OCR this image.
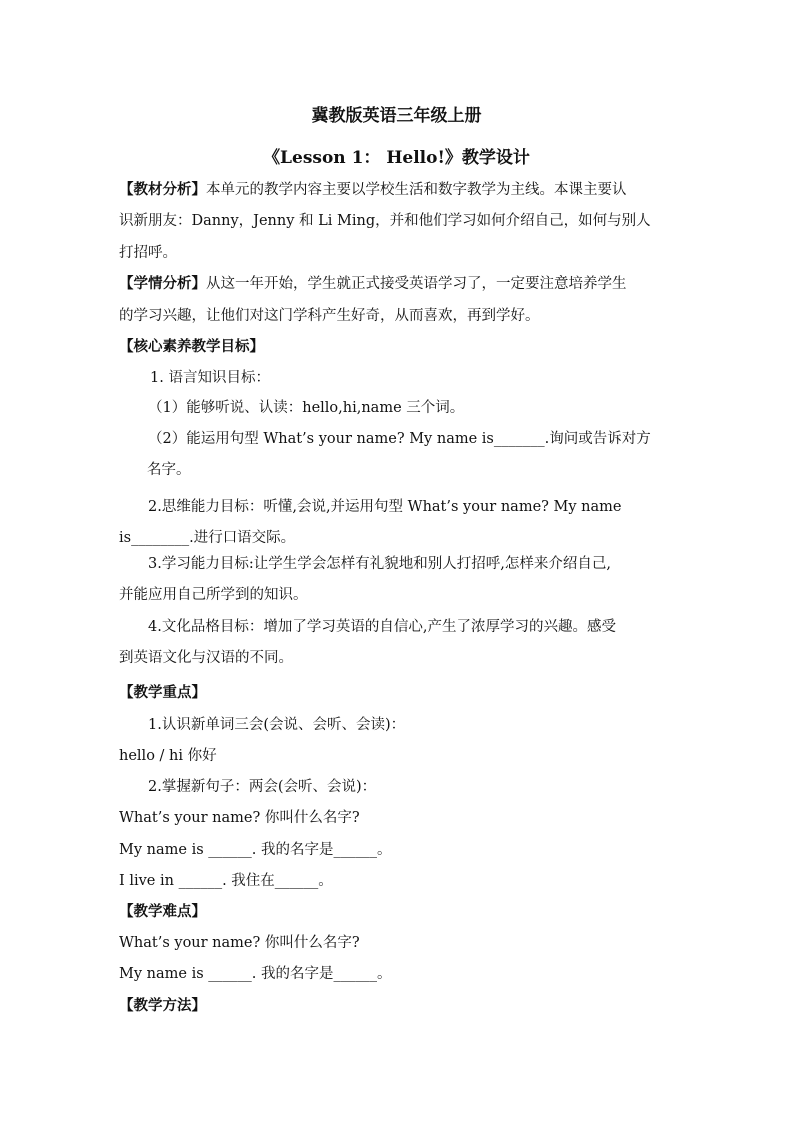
冀教版英语三年级上册
《Lesson 1： Hello!》教学设计
【教材分析】本单元的教学内容主要以学校生活和数字教学为主线。本课主要认
识新朋友：Danny，Jenny 和 Li Ming，并和他们学习如何介绍自己，如何与别人
打招呼。
【学情分析】从这一年开始，学生就正式接受英语学习了，一定要注意培养学生
的学习兴趣，让他们对这门学科产生好奇，从而喜欢，再到学好。
【核心素养教学目标】
1. 语言知识目标：
（1）能够听说、认读：hello,hi,name 三个词。
（2）能运用句型 What’s your name? My name is_______.询问或告诉对方
名字。
2.思维能力目标：听懂,会说,并运用句型 What’s your name? My name
is________.进行口语交际。
3.学习能力目标:让学生学会怎样有礼貌地和别人打招呼,怎样来介绍自己,
并能应用自己所学到的知识。
4.文化品格目标：增加了学习英语的自信心,产生了浓厚学习的兴趣。感受
到英语文化与汉语的不同。
【教学重点】
1.认识新单词三会(会说、会听、会读)：
hello / hi 你好
2.掌握新句子：两会(会听、会说)：
What’s your name? 你叫什么名字?
My name is ______. 我的名字是______。
I live in ______. 我住在______。
【教学难点】
What’s your name? 你叫什么名字?
My name is ______. 我的名字是______。
【教学方法】
